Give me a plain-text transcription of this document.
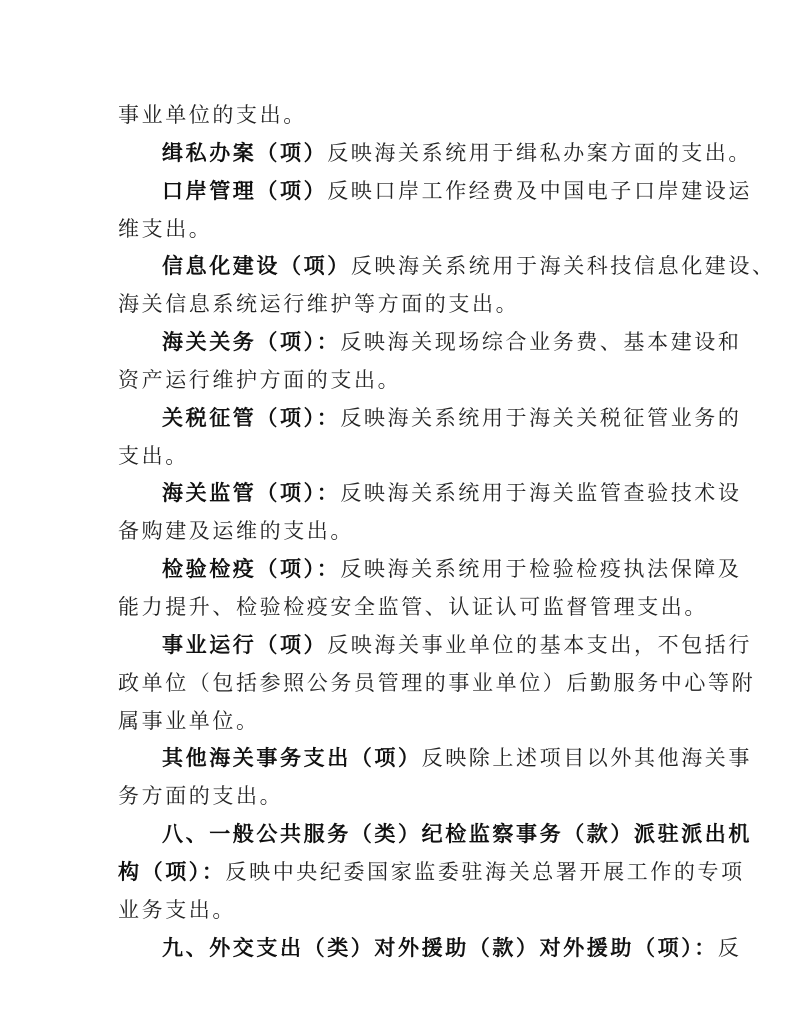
事业单位的支出。
缉私办案（项）反映海关系统用于缉私办案方面的支出。
口岸管理（项）反映口岸工作经费及中国电子口岸建设运
维支出。
信息化建设（项）反映海关系统用于海关科技信息化建设、
海关信息系统运行维护等方面的支出。
海关关务（项）：反映海关现场综合业务费、基本建设和
资产运行维护方面的支出。
关税征管（项）：反映海关系统用于海关关税征管业务的
支出。
海关监管（项）：反映海关系统用于海关监管查验技术设
备购建及运维的支出。
检验检疫（项）：反映海关系统用于检验检疫执法保障及
能力提升、检验检疫安全监管、认证认可监督管理支出。
事业运行（项）反映海关事业单位的基本支出，不包括行
政单位（包括参照公务员管理的事业单位）后勤服务中心等附
属事业单位。
其他海关事务支出（项）反映除上述项目以外其他海关事
务方面的支出。
八、一般公共服务（类）纪检监察事务（款）派驻派出机
构（项）：反映中央纪委国家监委驻海关总署开展工作的专项
业务支出。
九、外交支出（类）对外援助（款）对外援助（项）：反
